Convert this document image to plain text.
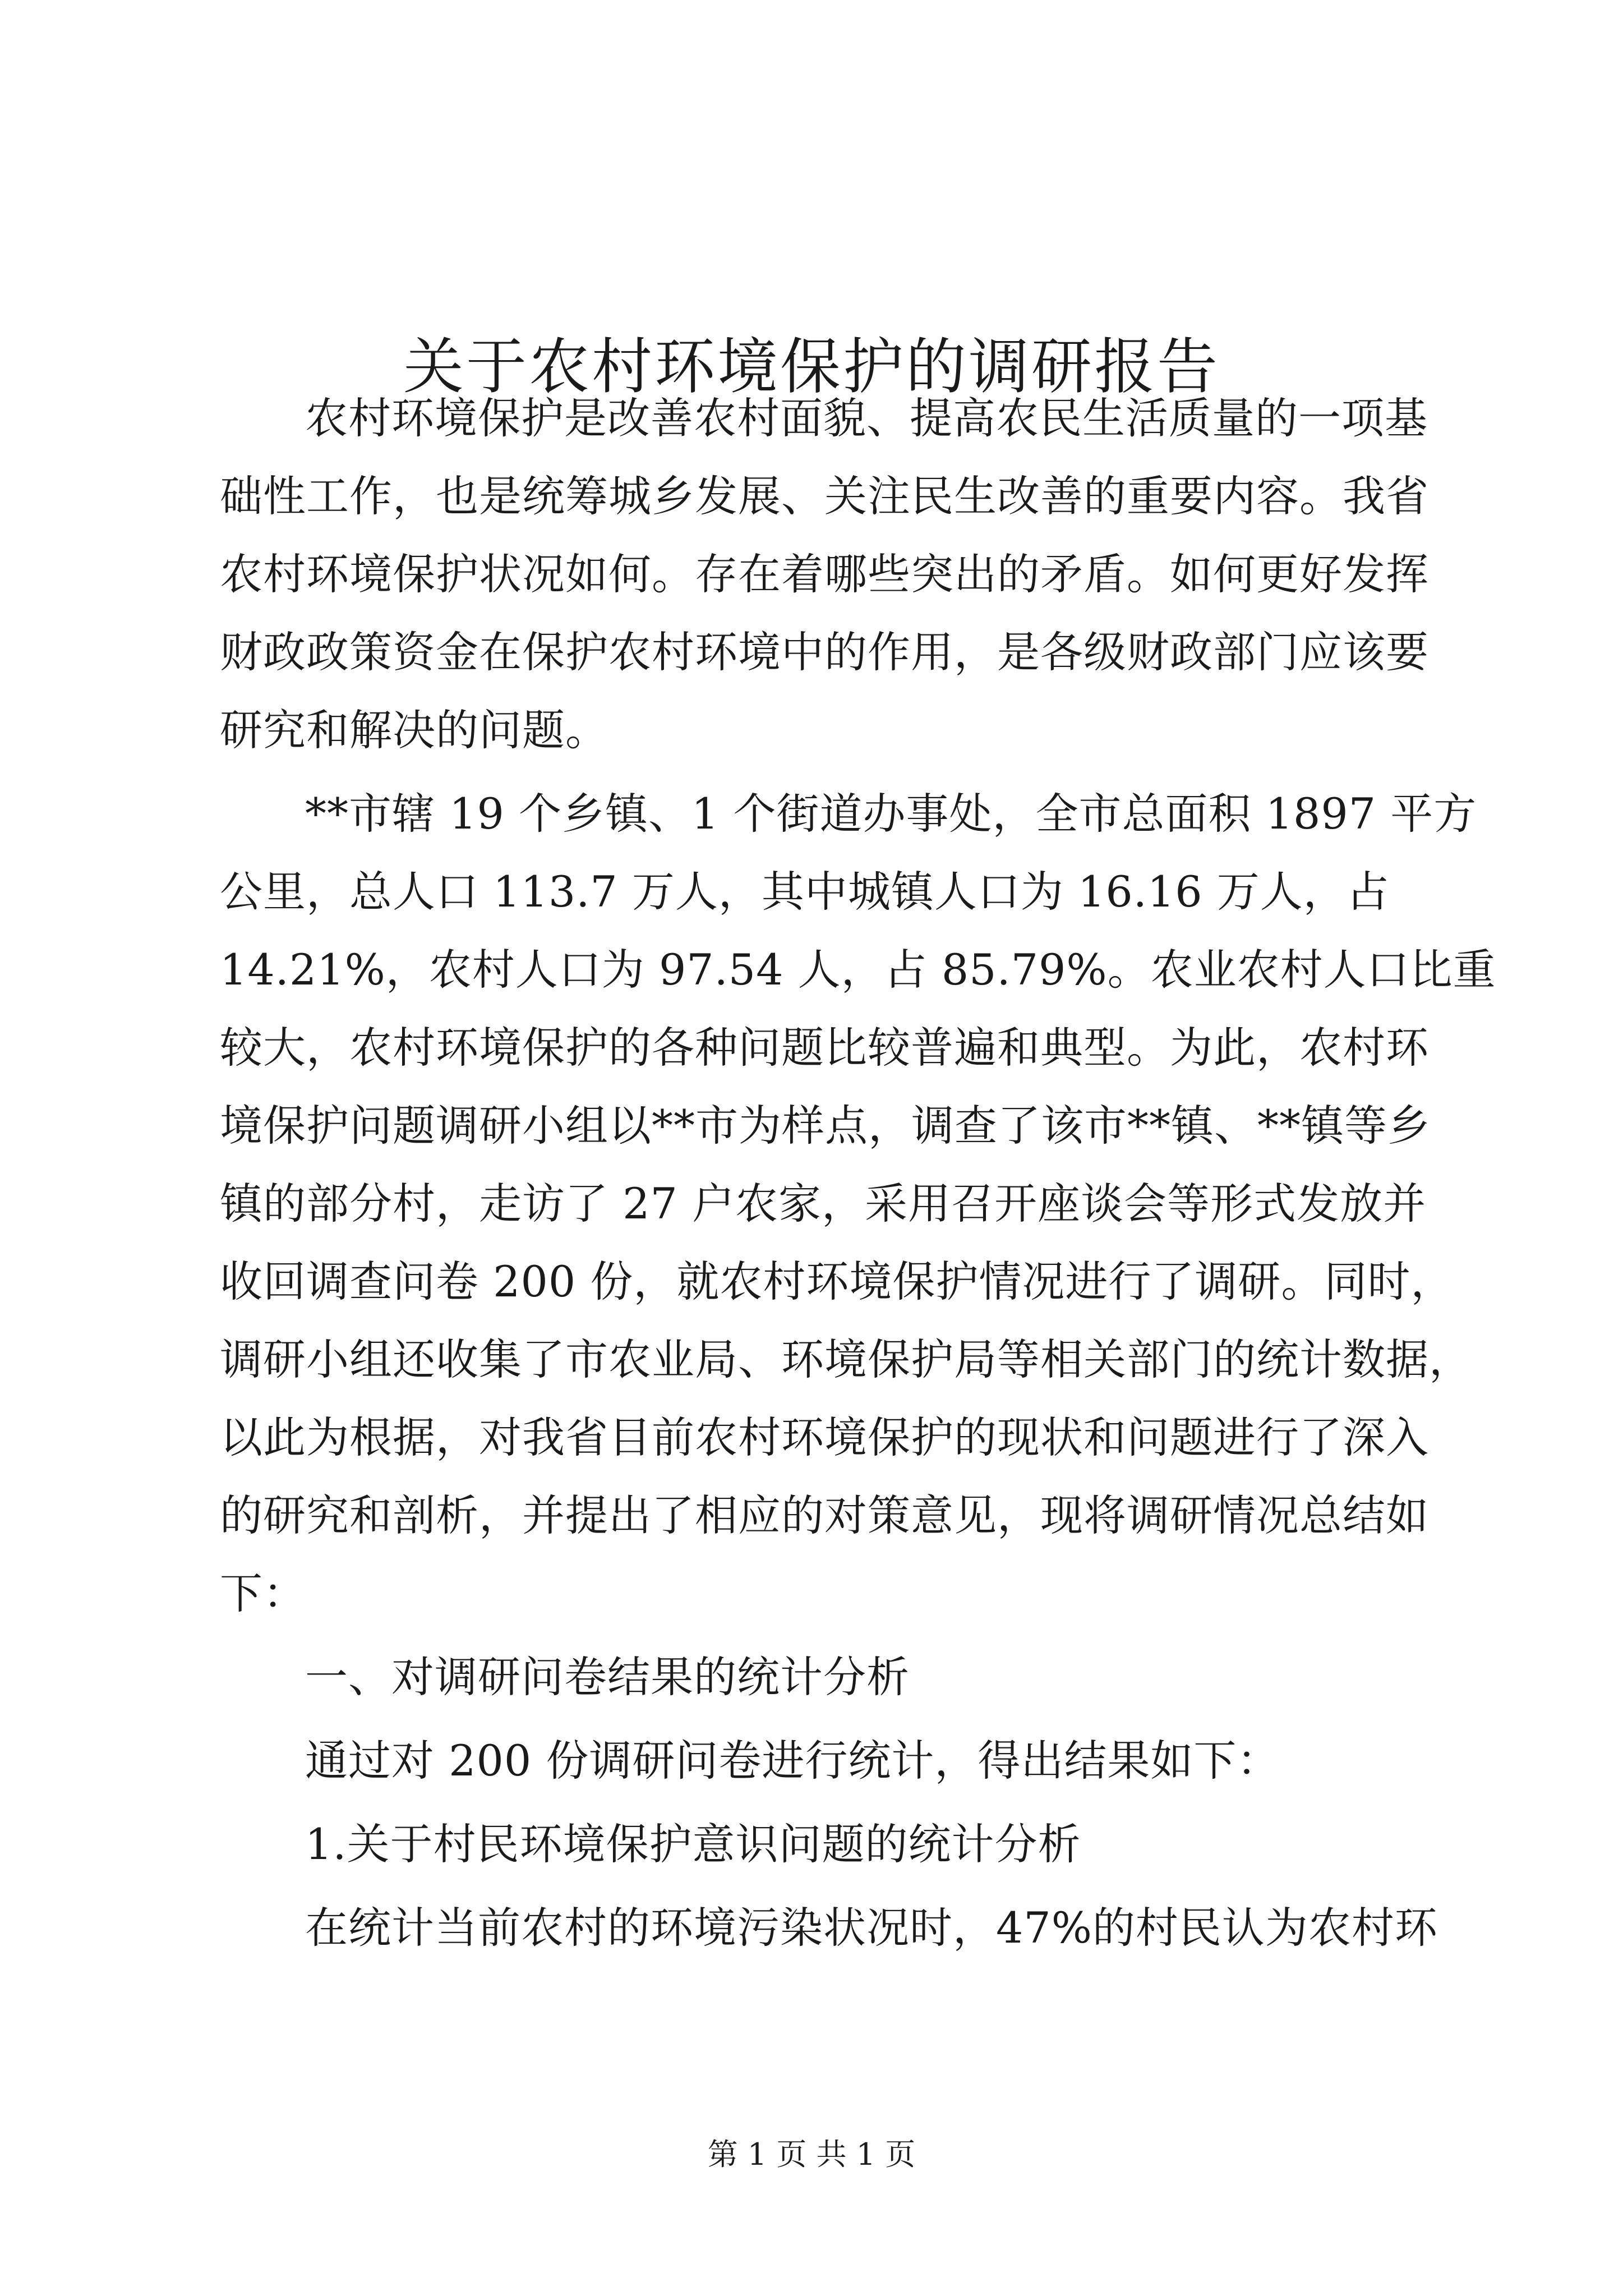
关于农村环境保护的调研报告
农村环境保护是改善农村面貌、提高农民生活质量的一项基
础性工作，也是统筹城乡发展、关注民生改善的重要内容。我省
农村环境保护状况如何。存在着哪些突出的矛盾。如何更好发挥
财政政策资金在保护农村环境中的作用，是各级财政部门应该要
研究和解决的问题。
**市辖 19 个乡镇、1 个街道办事处，全市总面积 1897 平方
公里，总人口 113.7 万人，其中城镇人口为 16.16 万人，占
14.21%，农村人口为 97.54 人，占 85.79%。农业农村人口比重
较大，农村环境保护的各种问题比较普遍和典型。为此，农村环
境保护问题调研小组以**市为样点，调查了该市**镇、**镇等乡
镇的部分村，走访了 27 户农家，采用召开座谈会等形式发放并
收回调查问卷 200 份，就农村环境保护情况进行了调研。同时，
调研小组还收集了市农业局、环境保护局等相关部门的统计数据，
以此为根据，对我省目前农村环境保护的现状和问题进行了深入
的研究和剖析，并提出了相应的对策意见，现将调研情况总结如
下：
一、对调研问卷结果的统计分析
通过对 200 份调研问卷进行统计，得出结果如下：
1.关于村民环境保护意识问题的统计分析
在统计当前农村的环境污染状况时，47%的村民认为农村环
第 1 页 共 1 页
